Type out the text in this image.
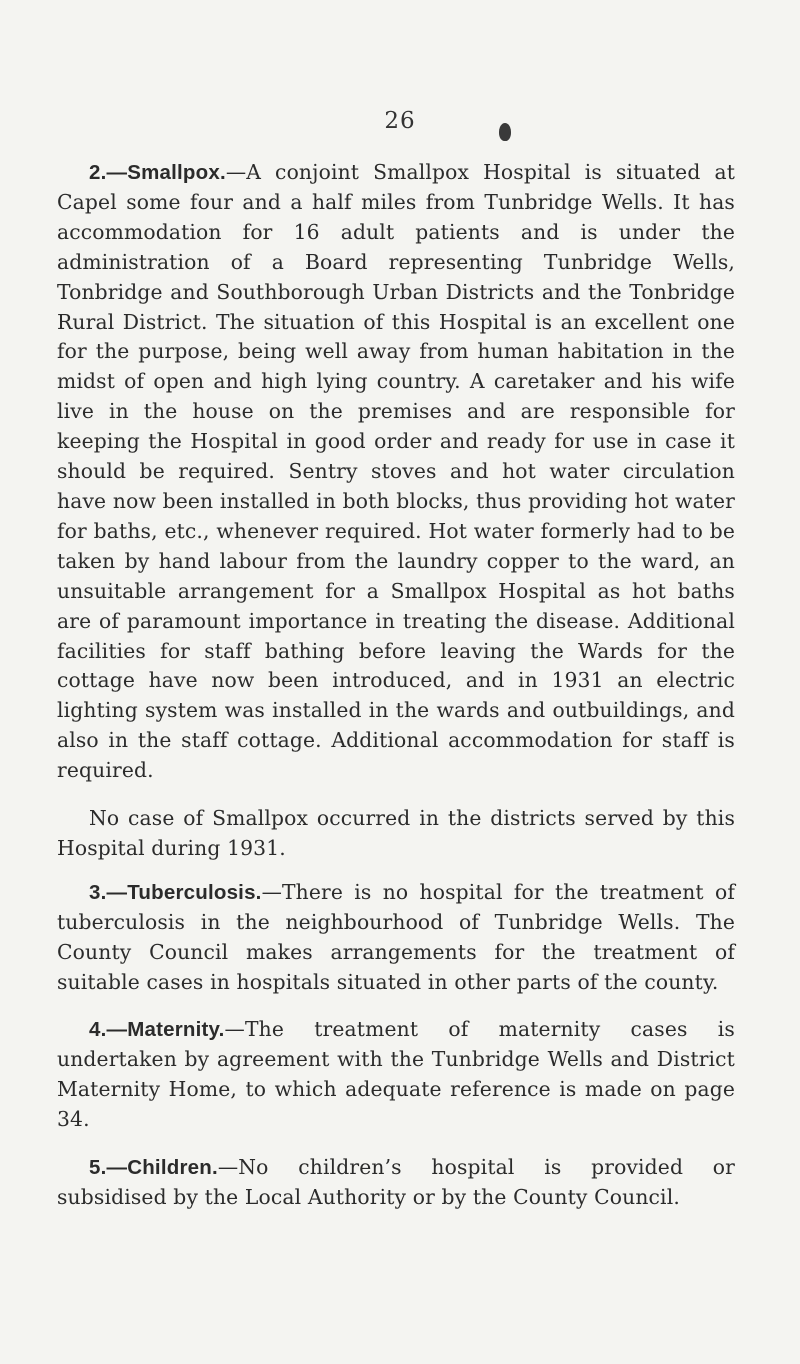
26

2.—Smallpox.—A conjoint Smallpox Hospital is situated at Capel some four and a half miles from Tunbridge Wells. It has accommodation for 16 adult patients and is under the administration of a Board representing Tunbridge Wells, Tonbridge and Southborough Urban Districts and the Tonbridge Rural District. The situation of this Hospital is an excellent one for the purpose, being well away from human habitation in the midst of open and high lying country. A caretaker and his wife live in the house on the premises and are responsible for keeping the Hospital in good order and ready for use in case it should be required. Sentry stoves and hot water circulation have now been installed in both blocks, thus providing hot water for baths, etc., whenever required. Hot water formerly had to be taken by hand labour from the laundry copper to the ward, an unsuitable arrangement for a Smallpox Hospital as hot baths are of paramount importance in treating the disease. Additional facilities for staff bathing before leaving the Wards for the cottage have now been introduced, and in 1931 an electric lighting system was installed in the wards and outbuildings, and also in the staff cottage. Additional accommodation for staff is required.

No case of Smallpox occurred in the districts served by this Hospital during 1931.

3.—Tuberculosis.—There is no hospital for the treatment of tuberculosis in the neighbourhood of Tunbridge Wells. The County Council makes arrangements for the treatment of suitable cases in hospitals situated in other parts of the county.

4.—Maternity.—The treatment of maternity cases is undertaken by agreement with the Tunbridge Wells and District Maternity Home, to which adequate reference is made on page 34.

5.—Children.—No children’s hospital is provided or subsidised by the Local Authority or by the County Council.
